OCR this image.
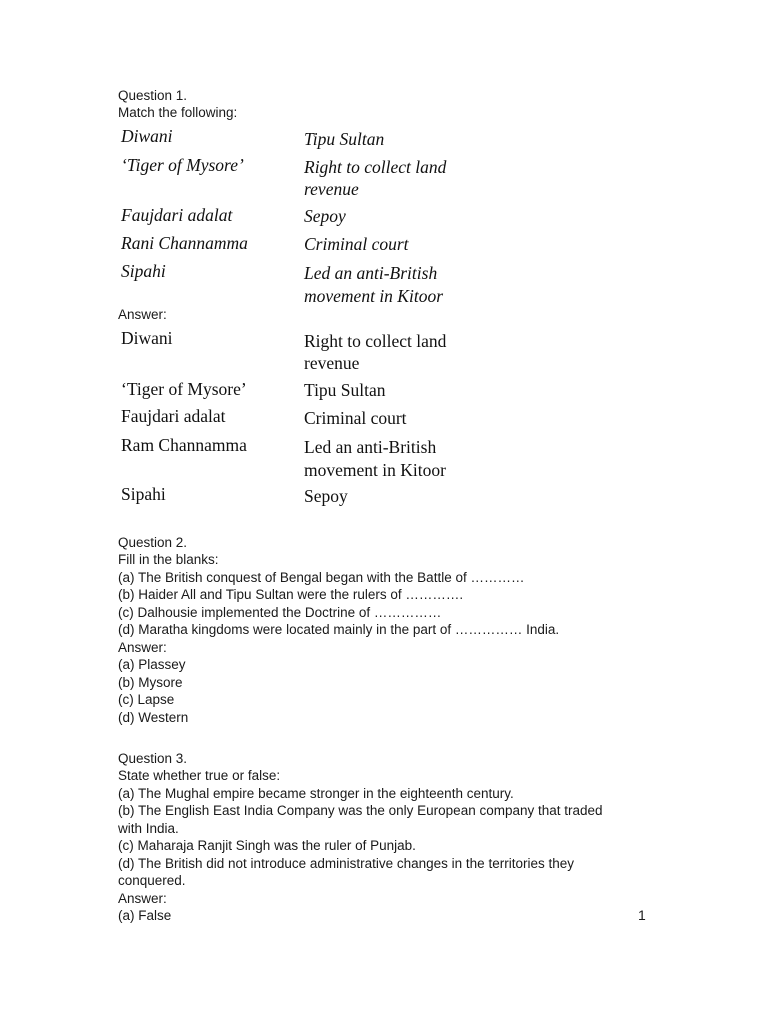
Question 1.
Match the following:
Diwani	Tipu Sultan
‘Tiger of Mysore’	Right to collect land
revenue
Faujdari adalat	Sepoy
Rani Channamma	Criminal court
Sipahi	Led an anti-British
movement in Kitoor
Answer:
Diwani	Right to collect land
revenue
‘Tiger of Mysore’	Tipu Sultan
Faujdari adalat	Criminal court
Ram Channamma	Led an anti-British
movement in Kitoor
Sipahi	Sepoy
Question 2.
Fill in the blanks:
(a) The British conquest of Bengal began with the Battle of …………
(b) Haider All and Tipu Sultan were the rulers of ………….
(c) Dalhousie implemented the Doctrine of ……………
(d) Maratha kingdoms were located mainly in the part of …………… India.
Answer:
(a) Plassey
(b) Mysore
(c) Lapse
(d) Western
Question 3.
State whether true or false:
(a) The Mughal empire became stronger in the eighteenth century.
(b) The English East India Company was the only European company that traded
with India.
(c) Maharaja Ranjit Singh was the ruler of Punjab.
(d) The British did not introduce administrative changes in the territories they
conquered.
Answer:
(a) False	1
